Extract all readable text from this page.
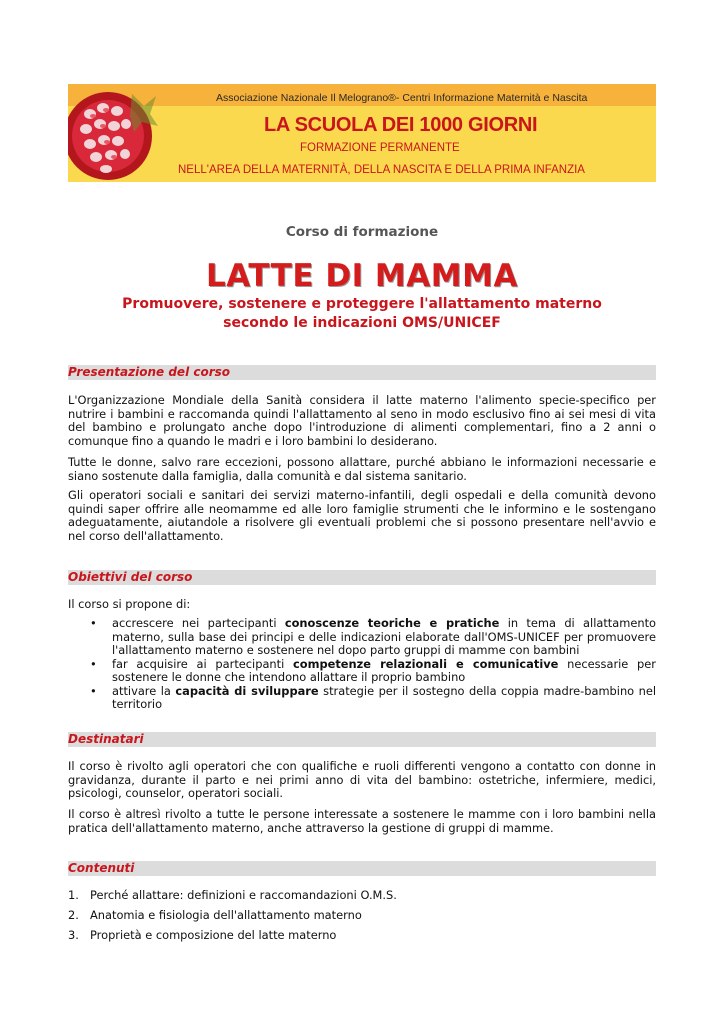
Associazione Nazionale Il Melograno®- Centri Informazione Maternità e Nascita
LA SCUOLA DEI 1000 GIORNI
FORMAZIONE PERMANENTE
NELL'AREA DELLA MATERNITÀ, DELLA NASCITA E DELLA PRIMA INFANZIA
Corso di formazione
LATTE DI MAMMA
Promuovere, sostenere e proteggere l'allattamento materno
secondo le indicazioni OMS/UNICEF
Presentazione del corso

L'Organizzazione Mondiale della Sanità considera il latte materno l'alimento specie-specifico per nutrire i bambini e raccomanda quindi l'allattamento al seno in modo esclusivo fino ai sei mesi di vita del bambino e prolungato anche dopo l'introduzione di alimenti complementari, fino a 2 anni o comunque fino a quando le madri e i loro bambini lo desiderano.

Tutte le donne, salvo rare eccezioni, possono allattare, purché abbiano le informazioni necessarie e siano sostenute dalla famiglia, dalla comunità e dal sistema sanitario.

Gli operatori sociali e sanitari dei servizi materno-infantili, degli ospedali e della comunità devono quindi saper offrire alle neomamme ed alle loro famiglie strumenti che le informino e le sostengano adeguatamente, aiutandole a risolvere gli eventuali problemi che si possono presentare nell'avvio e nel corso dell'allattamento.

Obiettivi del corso

Il corso si propone di:

• accrescere nei partecipanti conoscenze teoriche e pratiche in tema di allattamento materno, sulla base dei principi e delle indicazioni elaborate dall'OMS-UNICEF per promuovere l'allattamento materno e sostenere nel dopo parto gruppi di mamme con bambini
• far acquisire ai partecipanti competenze relazionali e comunicative necessarie per sostenere le donne che intendono allattare il proprio bambino
• attivare la capacità di sviluppare strategie per il sostegno della coppia madre-bambino nel territorio
Destinatari

Il corso è rivolto agli operatori che con qualifiche e ruoli differenti vengono a contatto con donne in gravidanza, durante il parto e nei primi anno di vita del bambino: ostetriche, infermiere, medici, psicologi, counselor, operatori sociali.

Il corso è altresì rivolto a tutte le persone interessate a sostenere le mamme con i loro bambini nella pratica dell'allattamento materno, anche attraverso la gestione di gruppi di mamme.

Contenuti
1. Perché allattare: definizioni e raccomandazioni O.M.S.
2. Anatomia e fisiologia dell'allattamento materno
3. Proprietà e composizione del latte materno
